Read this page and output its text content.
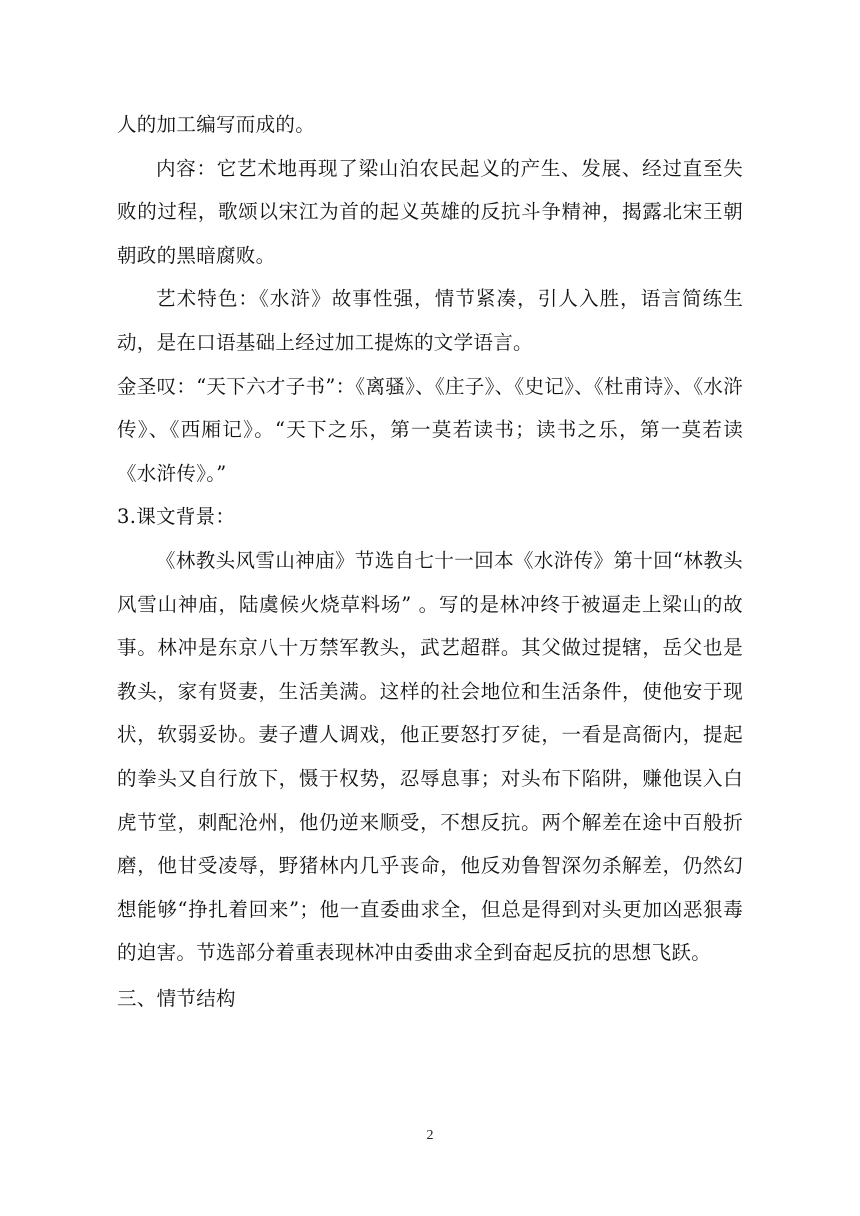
人的加工编写而成的。

内容：它艺术地再现了梁山泊农民起义的产生、发展、经过直至失败的过程，歌颂以宋江为首的起义英雄的反抗斗争精神，揭露北宋王朝朝政的黑暗腐败。

艺术特色：《水浒》故事性强，情节紧凑，引人入胜，语言简练生动，是在口语基础上经过加工提炼的文学语言。

金圣叹：“天下六才子书”：《离骚》、《庄子》、《史记》、《杜甫诗》、《水浒传》、《西厢记》。“天下之乐，第一莫若读书；读书之乐，第一莫若读《水浒传》。”

3.课文背景：

《林教头风雪山神庙》节选自七十一回本《水浒传》第十回“林教头风雪山神庙，陆虞候火烧草料场” 。写的是林冲终于被逼走上梁山的故事。林冲是东京八十万禁军教头，武艺超群。其父做过提辖，岳父也是教头，家有贤妻，生活美满。这样的社会地位和生活条件，使他安于现状，软弱妥协。妻子遭人调戏，他正要怒打歹徒，一看是高衙内，提起的拳头又自行放下，慑于权势，忍辱息事；对头布下陷阱，赚他误入白虎节堂，刺配沧州，他仍逆来顺受，不想反抗。两个解差在途中百般折磨，他甘受凌辱，野猪林内几乎丧命，他反劝鲁智深勿杀解差，仍然幻想能够“挣扎着回来”；他一直委曲求全，但总是得到对头更加凶恶狠毒的迫害。节选部分着重表现林冲由委曲求全到奋起反抗的思想飞跃。

三、情节结构

2
